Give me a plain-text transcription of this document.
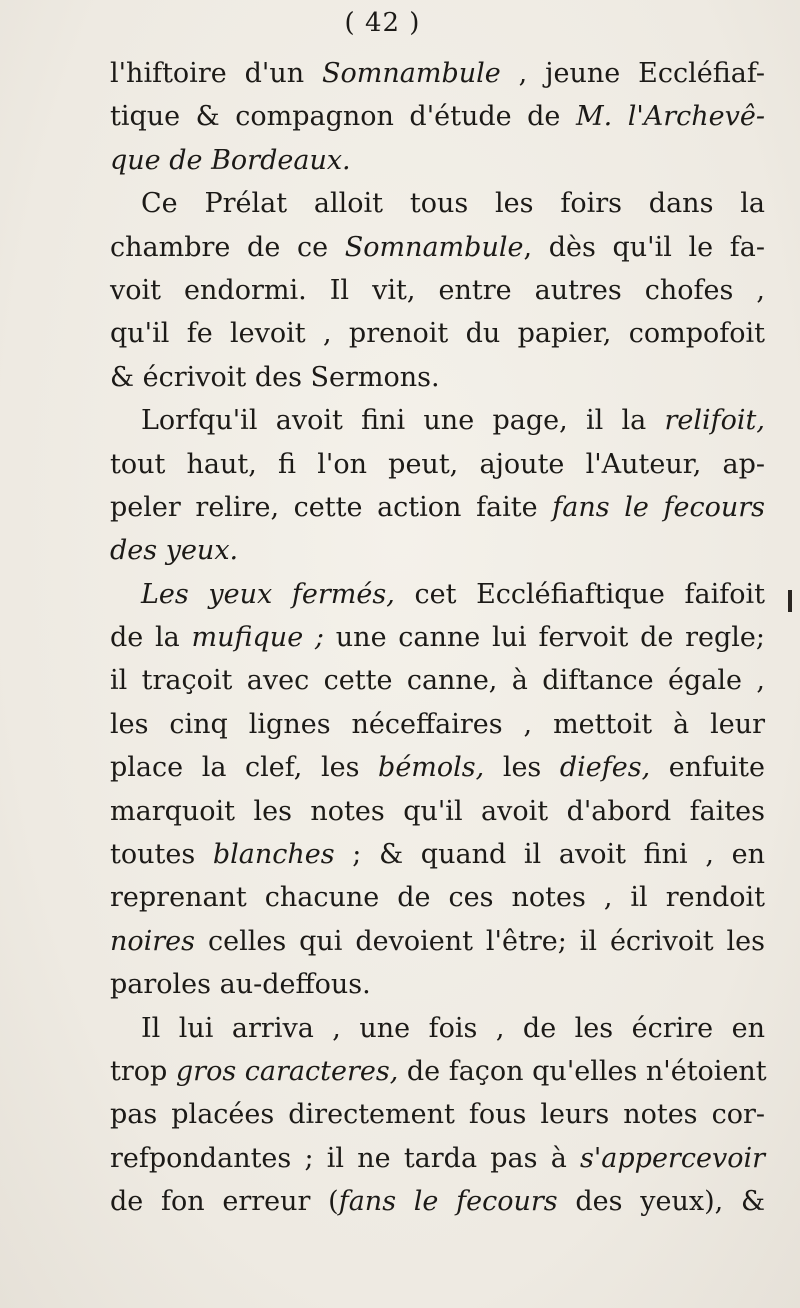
( 42 )
l'hiftoire d'un Somnambule , jeune Eccléfiaf-
tique & compagnon d'étude de M. l'Archevê-
que de Bordeaux.
Ce Prélat alloit tous les foirs dans la
chambre de ce Somnambule, dès qu'il le fa-
voit endormi. Il vit, entre autres chofes ,
qu'il fe levoit , prenoit du papier, compofoit
& écrivoit des Sermons.
Lorfqu'il avoit fini une page, il la relifoit,
tout haut, fi l'on peut, ajoute l'Auteur, ap-
peler relire, cette action faite fans le fecours
des yeux.
Les yeux fermés, cet Eccléfiaftique faifoit
de la mufique ; une canne lui fervoit de regle;
il traçoit avec cette canne, à diftance égale ,
les cinq lignes néceffaires , mettoit à leur
place la clef, les bémols, les diefes, enfuite
marquoit les notes qu'il avoit d'abord faites
toutes blanches ; & quand il avoit fini , en
reprenant chacune de ces notes , il rendoit
noires celles qui devoient l'être; il écrivoit les
paroles au-deffous.
Il lui arriva , une fois , de les écrire en
trop gros caracteres, de façon qu'elles n'étoient
pas placées directement fous leurs notes cor-
refpondantes ; il ne tarda pas à s'appercevoir
de fon erreur (fans le fecours des yeux), &
